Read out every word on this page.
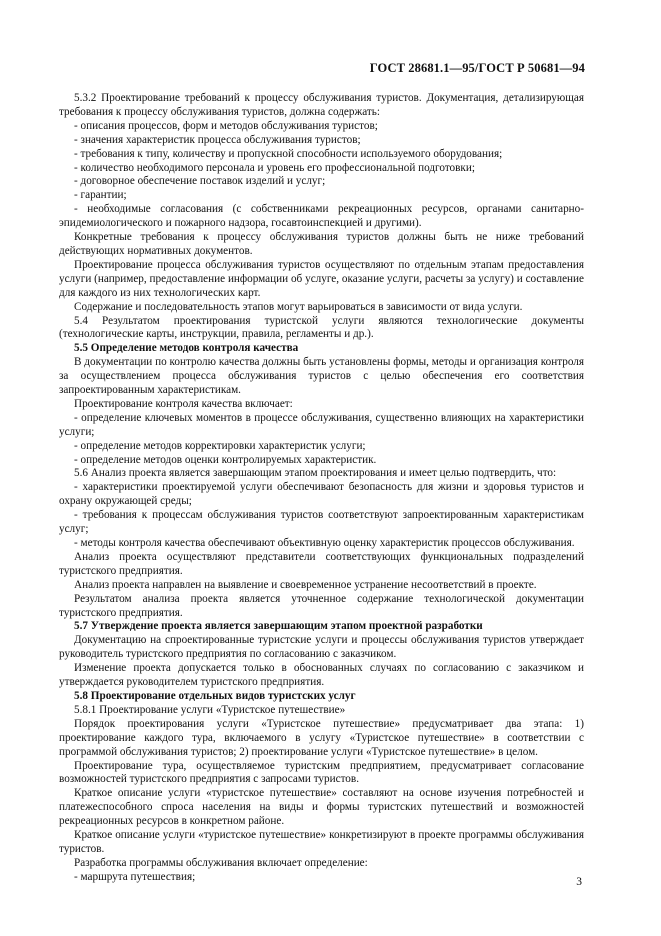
ГОСТ 28681.1—95/ГОСТ Р 50681—94

5.3.2 Проектирование требований к процессу обслуживания туристов. Документация, детализирующая требования к процессу обслуживания туристов, должна содержать:

- описания процессов, форм и методов обслуживания туристов;

- значения характеристик процесса обслуживания туристов;

- требования к типу, количеству и пропускной способности используемого оборудования;

- количество необходимого персонала и уровень его профессиональной подготовки;

- договорное обеспечение поставок изделий и услуг;

- гарантии;

- необходимые согласования (с собственниками рекреационных ресурсов, органами санитарно-эпидемиологического и пожарного надзора, госавтоинспекцией и другими).

Конкретные требования к процессу обслуживания туристов должны быть не ниже требований действующих нормативных документов.

Проектирование процесса обслуживания туристов осуществляют по отдельным этапам предоставления услуги (например, предоставление информации об услуге, оказание услуги, расчеты за услугу) и составление для каждого из них технологических карт.

Содержание и последовательность этапов могут варьироваться в зависимости от вида услуги.

5.4 Результатом проектирования туристской услуги являются технологические документы (технологические карты, инструкции, правила, регламенты и др.).

5.5 Определение методов контроля качества

В документации по контролю качества должны быть установлены формы, методы и организация контроля за осуществлением процесса обслуживания туристов с целью обеспечения его соответствия запроектированным характеристикам.

Проектирование контроля качества включает:

- определение ключевых моментов в процессе обслуживания, существенно влияющих на характеристики услуги;

- определение методов корректировки характеристик услуги;

- определение методов оценки контролируемых характеристик.

5.6 Анализ проекта является завершающим этапом проектирования и имеет целью подтвердить, что:

- характеристики проектируемой услуги обеспечивают безопасность для жизни и здоровья туристов и охрану окружающей среды;

- требования к процессам обслуживания туристов соответствуют запроектированным характеристикам услуг;

- методы контроля качества обеспечивают объективную оценку характеристик процессов обслуживания.

Анализ проекта осуществляют представители соответствующих функциональных подразделений туристского предприятия.

Анализ проекта направлен на выявление и своевременное устранение несоответствий в проекте.

Результатом анализа проекта является уточненное содержание технологической документации туристского предприятия.

5.7 Утверждение проекта является завершающим этапом проектной разработки

Документацию на спроектированные туристские услуги и процессы обслуживания туристов утверждает руководитель туристского предприятия по согласованию с заказчиком.

Изменение проекта допускается только в обоснованных случаях по согласованию с заказчиком и утверждается руководителем туристского предприятия.

5.8 Проектирование отдельных видов туристских услуг

5.8.1 Проектирование услуги «Туристское путешествие»

Порядок проектирования услуги «Туристское путешествие» предусматривает два этапа: 1) проектирование каждого тура, включаемого в услугу «Туристское путешествие» в соответствии с программой обслуживания туристов; 2) проектирование услуги «Туристское путешествие» в целом.

Проектирование тура, осуществляемое туристским предприятием, предусматривает согласование возможностей туристского предприятия с запросами туристов.

Краткое описание услуги «туристское путешествие» составляют на основе изучения потребностей и платежеспособного спроса населения на виды и формы туристских путешествий и возможностей рекреационных ресурсов в конкретном районе.

Краткое описание услуги «туристское путешествие» конкретизируют в проекте программы обслуживания туристов.

Разработка программы обслуживания включает определение:

- маршрута путешествия;	3
